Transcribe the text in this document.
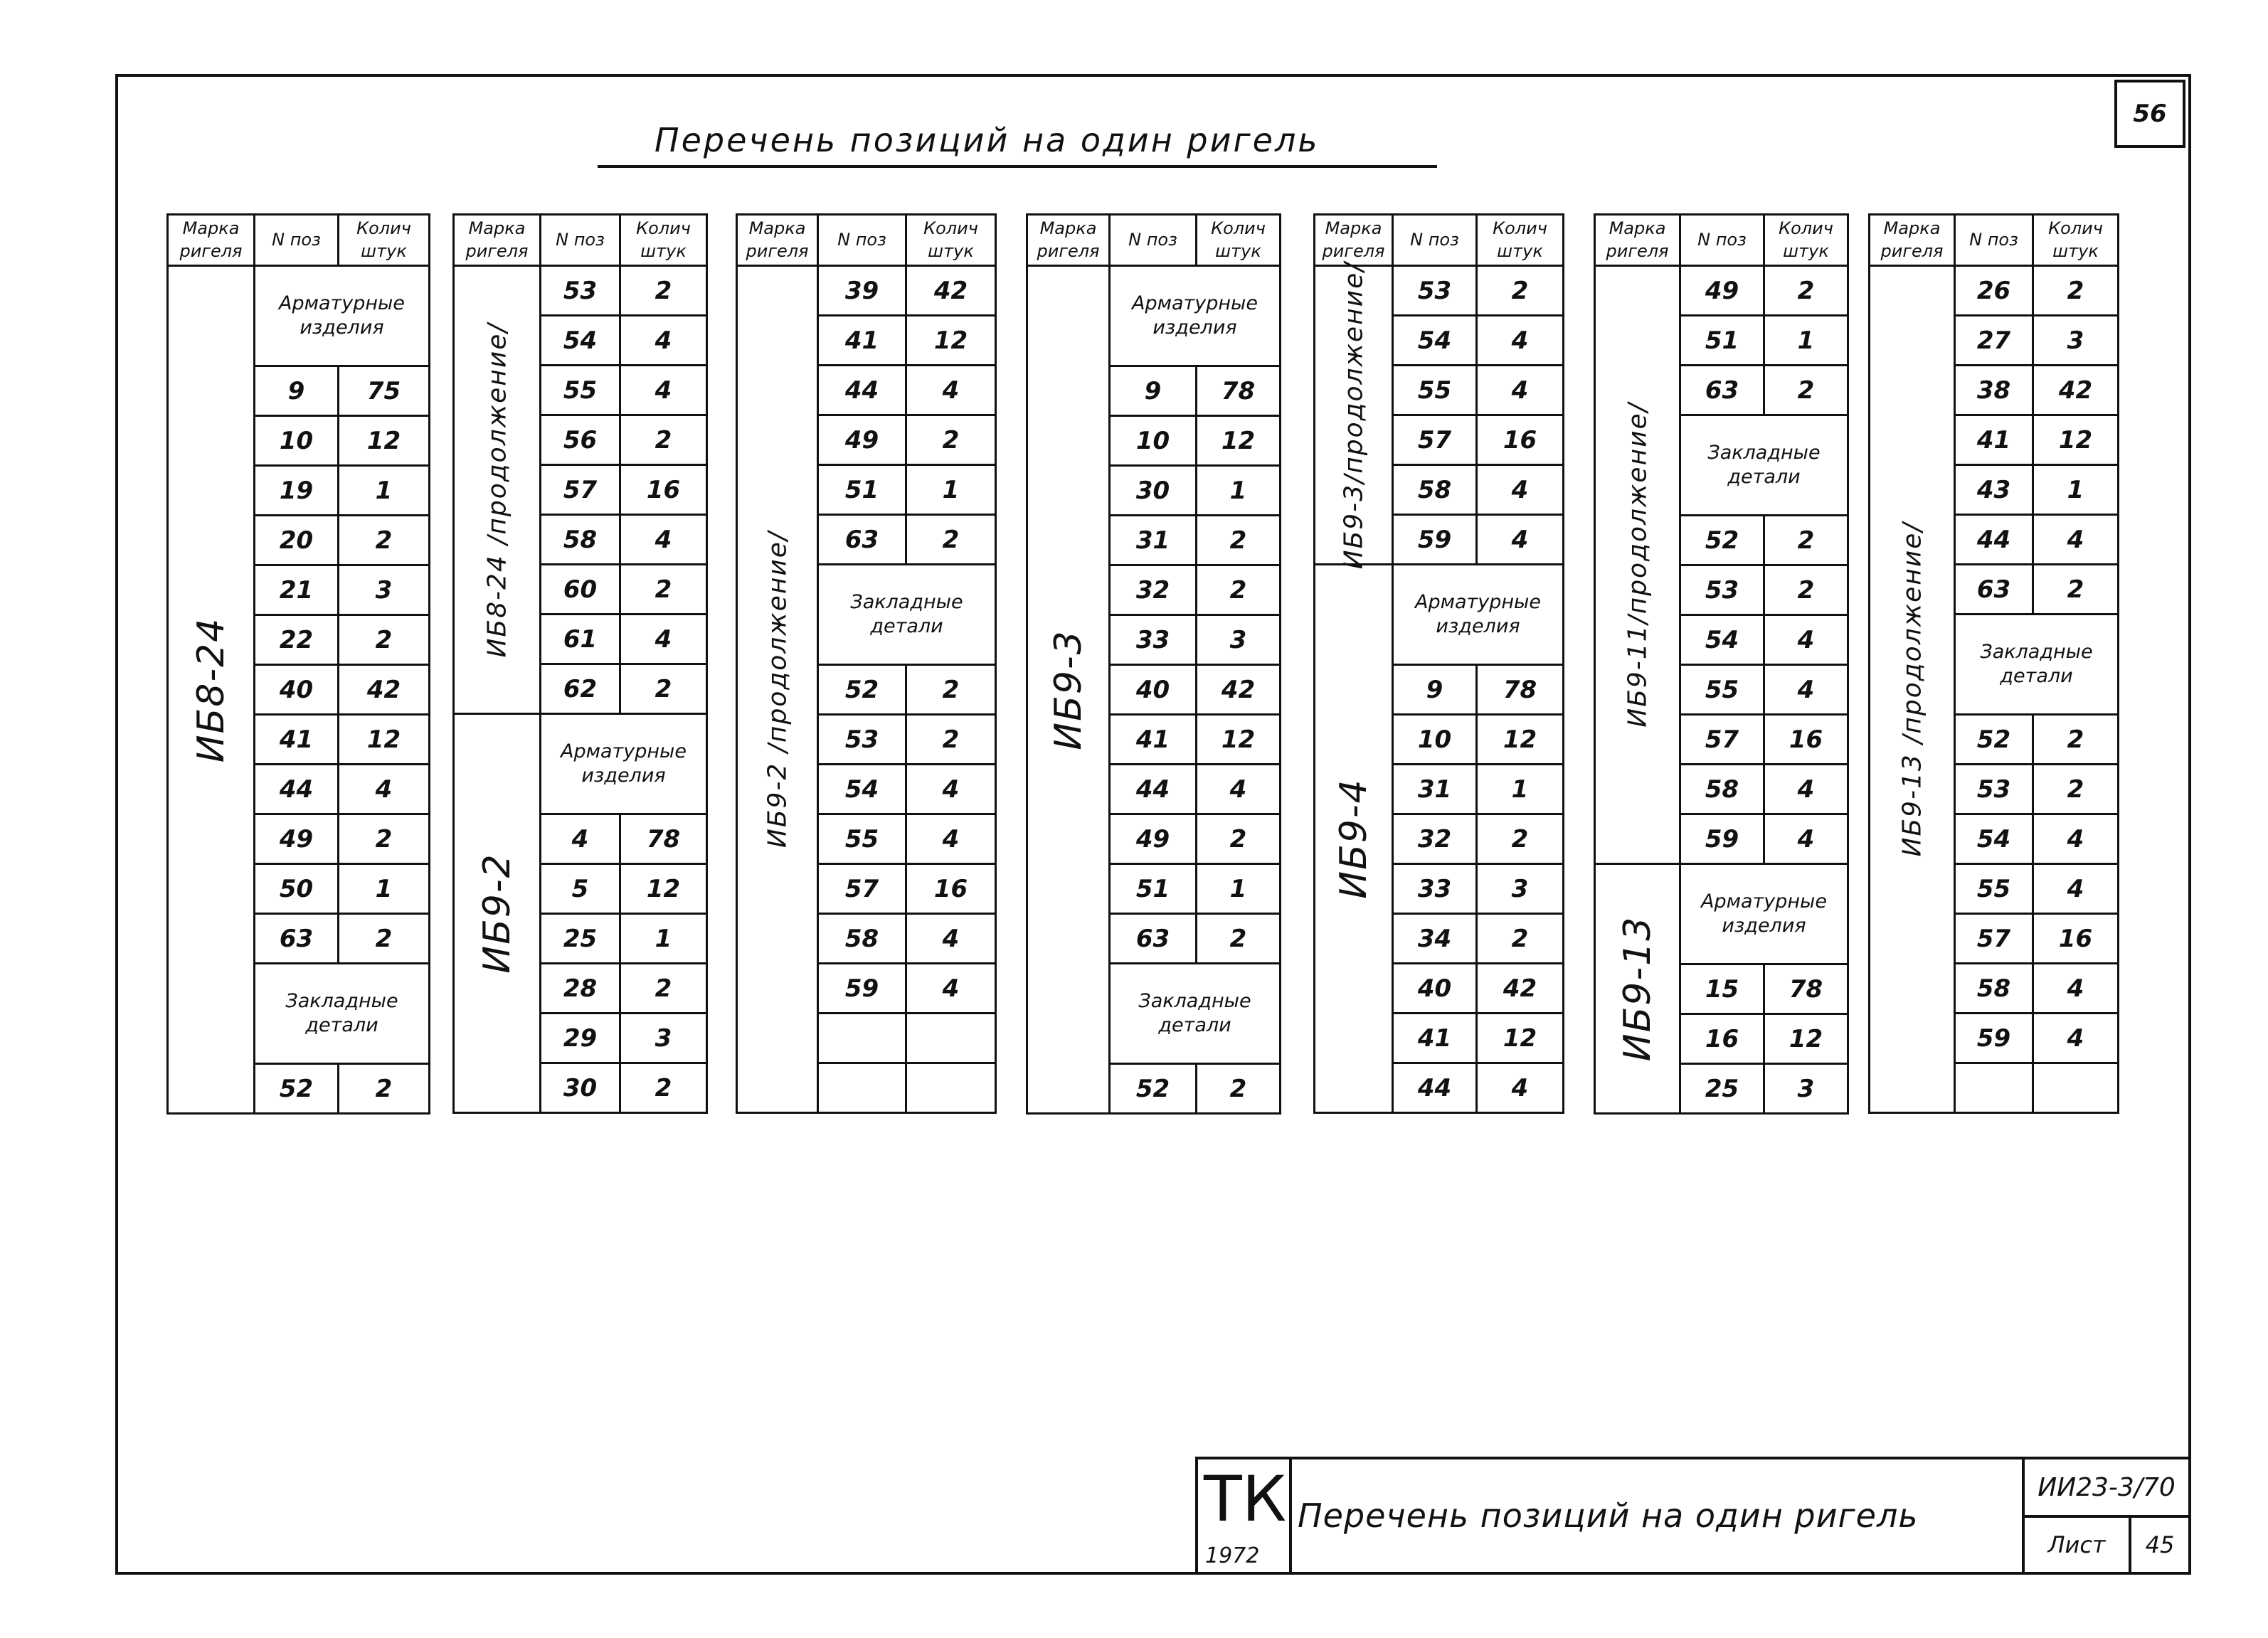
56
Перечень позиций на один ригель
Марка ригеля	N поз	Колич штук

ИБ8-24	Арматурные изделия	
	9	75
	10	12
	19	1
	20	2
	21	3
	22	2
	40	42
	41	12
	44	4
	49	2
	50	1
	63	2
	Закладные детали	
	52	2
Марка ригеля	N поз	Колич штук

ИБ8-24 /продолжение/	53	2
	54	4
	55	4
	56	2
	57	16
	58	4
	60	2
	61	4
	62	2

ИБ9-2	Арматурные изделия	
	4	78
	5	12
	25	1
	28	2
	29	3
	30	2
Марка ригеля	N поз	Колич штук

ИБ9-2 /продолжение/	39	42
	41	12
	44	4
	49	2
	51	1
	63	2
	Закладные детали	
	52	2
	53	2
	54	4
	55	4
	57	16
	58	4
	59	4

Марка ригеля	N поз	Колич штук

ИБ9-3	Арматурные изделия	
	9	78
	10	12
	30	1
	31	2
	32	2
	33	3
	40	42
	41	12
	44	4
	49	2
	51	1
	63	2
	Закладные детали	
	52	2
Марка ригеля	N поз	Колич штук

ИБ9-3/продолжение/	53	2
	54	4
	55	4
	57	16
	58	4
	59	4

ИБ9-4	Арматурные изделия	
	9	78
	10	12
	31	1
	32	2
	33	3
	34	2
	40	42
	41	12
	44	4
Марка ригеля	N поз	Колич штук

ИБ9-11/продолжение/	49	2
	51	1
	63	2
	Закладные детали	
	52	2
	53	2
	54	4
	55	4
	57	16
	58	4
	59	4

ИБ9-13	Арматурные изделия	
	15	78
	16	12
	25	3
Марка ригеля	N поз	Колич штук

ИБ9-13 /продолжение/	26	2
	27	3
	38	42
	41	12
	43	1
	44	4
	63	2
	Закладные детали	
	52	2
	53	2
	54	4
	55	4
	57	16
	58	4
	59	4

ТК
1972
Перечень позиций на один ригель
ИИ23-3/70
Лист	45
